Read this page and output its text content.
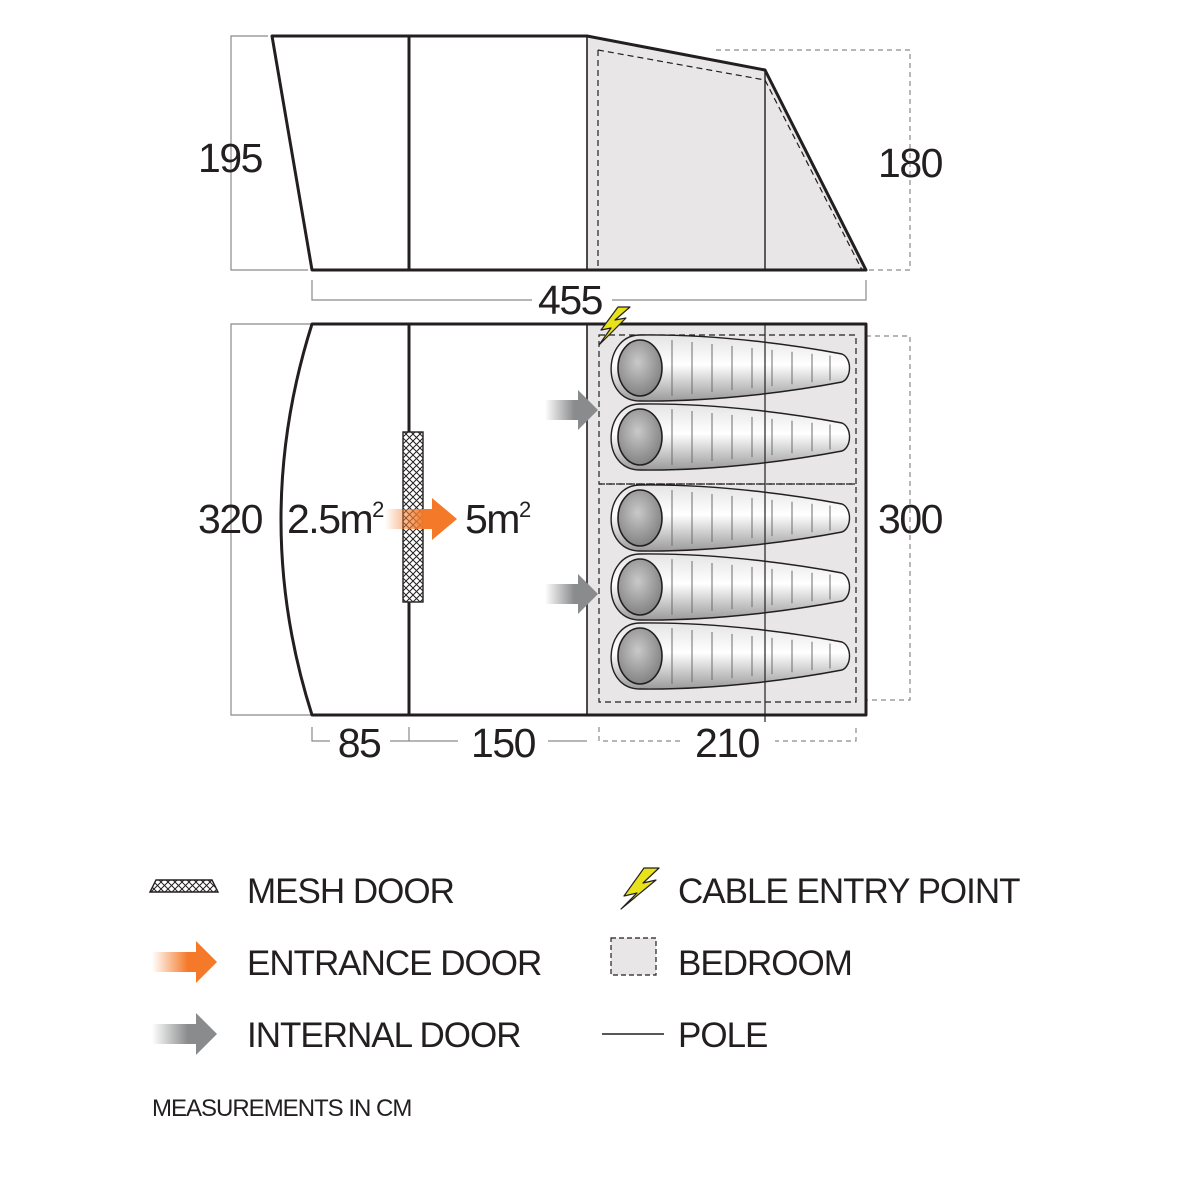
195	180
455
2.5m2 5m2
320	300
85 150	210
MESH DOOR
ENTRANCE DOOR
INTERNAL DOOR
CABLE ENTRY POINT
BEDROOM
POLE
MEASUREMENTS IN CM
